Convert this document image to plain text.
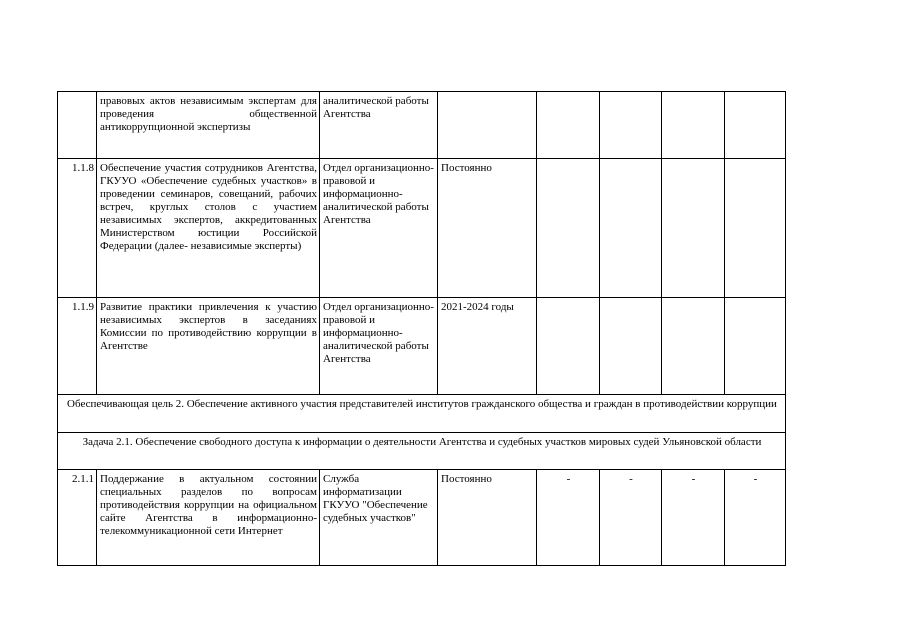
	правовых актов независимым экспертам для проведения общественной антикоррупционной экспертизы	аналитической работы Агентства					
1.1.8	Обеспечение участия сотрудников Агентства, ГКУУО «Обеспечение судебных участков» в проведении семинаров, совещаний, рабочих встреч, круглых столов с участием независимых экспертов, аккредитованных Министерством юстиции Российской Федерации (далее- независимые эксперты)	Отдел организационно-правовой и информационно-аналитической работы Агентства	Постоянно				
1.1.9	Развитие практики привлечения к участию независимых экспертов в заседаниях Комиссии по противодействию коррупции в Агентстве	Отдел организационно-правовой и информационно-аналитической работы Агентства	2021-2024 годы				
Обеспечивающая цель 2. Обеспечение активного участия представителей институтов гражданского общества и граждан в противодействии коррупции							
Задача 2.1. Обеспечение свободного доступа к информации о деятельности Агентства и судебных участков мировых судей Ульяновской области							
2.1.1	Поддержание в актуальном состоянии специальных разделов по вопросам противодействия коррупции на официальном сайте Агентства в информационно-телекоммуникационной сети Интернет	Служба информатизации ГКУУО "Обеспечение судебных участков"	Постоянно	-	-	-	-
